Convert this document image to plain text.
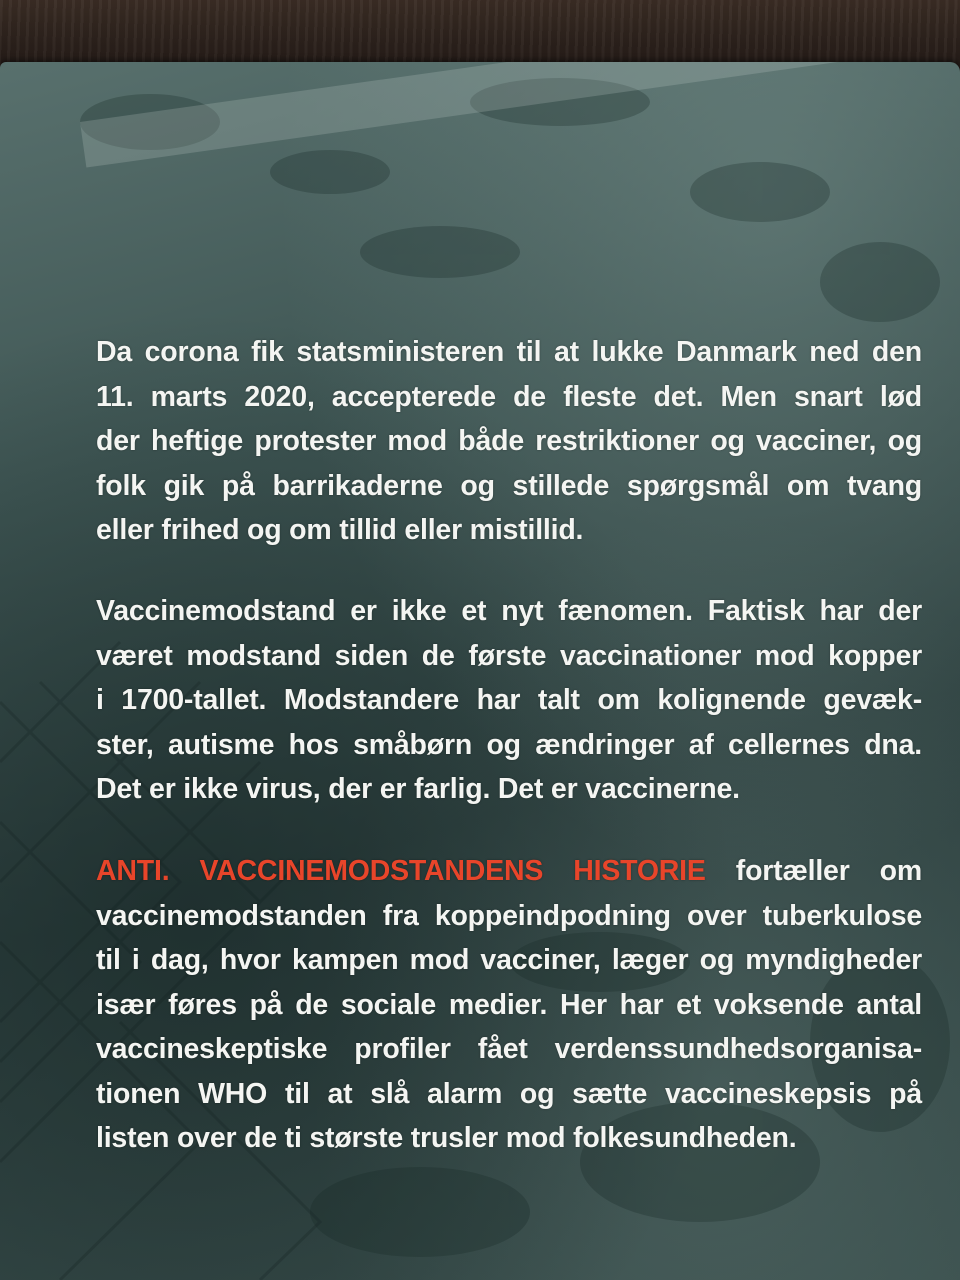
Da corona fik statsministeren til at lukke Danmark ned den
11. marts 2020, accepterede de fleste det. Men snart lød
der heftige protester mod både restriktioner og vacciner, og
folk gik på barrikaderne og stillede spørgsmål om tvang
eller frihed og om tillid eller mistillid.
Vaccinemodstand er ikke et nyt fænomen. Faktisk har der
været modstand siden de første vaccinationer mod kopper
i 1700-tallet. Modstandere har talt om kolignende gevæk-
ster, autisme hos småbørn og ændringer af cellernes dna.
Det er ikke virus, der er farlig. Det er vaccinerne.
ANTI. VACCINEMODSTANDENS HISTORIE fortæller om
vaccinemodstanden fra koppeindpodning over tuberkulose
til i dag, hvor kampen mod vacciner, læger og myndigheder
især føres på de sociale medier. Her har et voksende antal
vaccineskeptiske profiler fået verdenssundhedsorganisa-
tionen WHO til at slå alarm og sætte vaccineskepsis på
listen over de ti største trusler mod folkesundheden.
